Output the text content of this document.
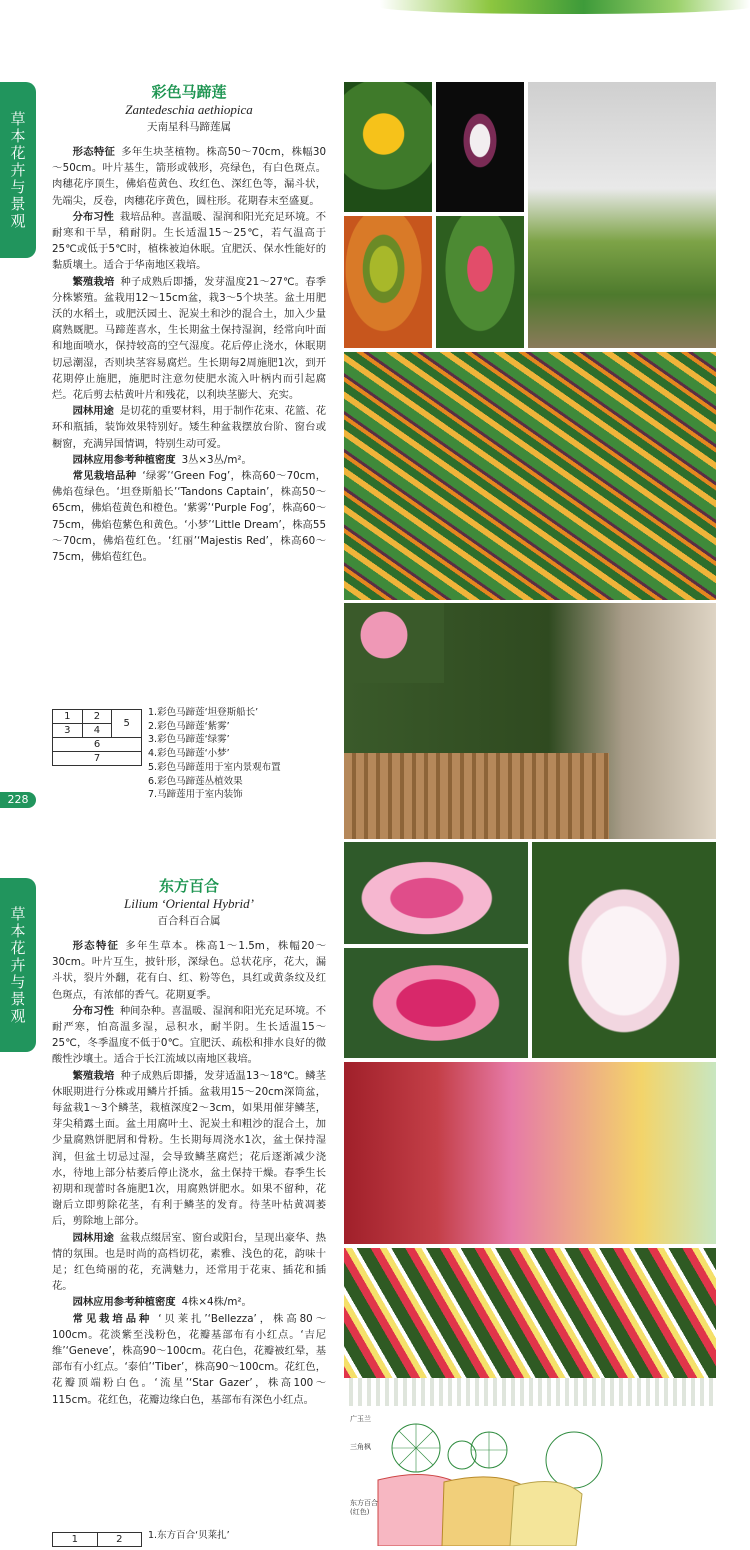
草本花卉与景观
228
草本花卉与景观
彩色马蹄莲
Zantedeschia aethiopica
天南星科马蹄莲属

形态特征 多年生块茎植物。株高50～70cm，株幅30～50cm。叶片基生，箭形或戟形，亮绿色，有白色斑点。肉穗花序顶生，佛焰苞黄色、玫红色、深红色等，漏斗状，先端尖，反卷，肉穗花序黄色，圆柱形。花期春末至盛夏。

分布习性 栽培品种。喜温暖、湿润和阳光充足环境。不耐寒和干旱，稍耐阴。生长适温15～25℃，若气温高于25℃或低于5℃时，植株被迫休眠。宜肥沃、保水性能好的黏质壤土。适合于华南地区栽培。

繁殖栽培 种子成熟后即播，发芽温度21～27℃。春季分株繁殖。盆栽用12～15cm盆，栽3～5个块茎。盆土用肥沃的水稻土，或肥沃园土、泥炭土和沙的混合土，加入少量腐熟厩肥。马蹄莲喜水，生长期盆土保持湿润，经常向叶面和地面喷水，保持较高的空气湿度。花后停止浇水，休眠期切忌潮湿，否则块茎容易腐烂。生长期每2周施肥1次，到开花期停止施肥，施肥时注意勿使肥水流入叶柄内而引起腐烂。花后剪去枯黄叶片和残花，以利块茎膨大、充实。

园林用途 是切花的重要材料，用于制作花束、花篮、花环和瓶插，装饰效果特别好。矮生种盆栽摆放台阶、窗台或橱窗，充满异国情调，特别生动可爱。

园林应用参考种植密度 3丛×3丛/m²。

常见栽培品种 ‘绿雾’‘Green Fog’，株高60～70cm，佛焰苞绿色。‘坦登斯船长’‘Tandons Captain’，株高50～65cm，佛焰苞黄色和橙色。‘紫雾’‘Purple Fog’，株高60～75cm，佛焰苞紫色和黄色。‘小梦’‘Little Dream’，株高55～70cm，佛焰苞红色。‘红丽’‘Majestis Red’，株高60～75cm，佛焰苞红色。

1	2	5
3	4	
6		
7		
1.彩色马蹄莲‘坦登斯船长’
2.彩色马蹄莲‘紫雾’
3.彩色马蹄莲‘绿雾’
4.彩色马蹄莲‘小梦’
5.彩色马蹄莲用于室内景观布置
6.彩色马蹄莲丛植效果
7.马蹄莲用于室内装饰
东方百合
Lilium ‘Oriental Hybrid’
百合科百合属

形态特征 多年生草本。株高1～1.5m，株幅20～30cm。叶片互生，披针形，深绿色。总状花序，花大，漏斗状，裂片外翻，花有白、红、粉等色，具红或黄条纹及红色斑点，有浓郁的香气。花期夏季。

分布习性 种间杂种。喜温暖、湿润和阳光充足环境。不耐严寒，怕高温多湿，忌积水，耐半阴。生长适温15～25℃，冬季温度不低于0℃。宜肥沃、疏松和排水良好的微酸性沙壤土。适合于长江流域以南地区栽培。

繁殖栽培 种子成熟后即播，发芽适温13～18℃。鳞茎休眠期进行分株或用鳞片扦插。盆栽用15～20cm深筒盆，每盆栽1～3个鳞茎，栽植深度2～3cm，如果用催芽鳞茎，芽尖稍露土面。盆土用腐叶土、泥炭土和粗沙的混合土，加少量腐熟饼肥屑和骨粉。生长期每周浇水1次，盆土保持湿润，但盆土切忌过湿，会导致鳞茎腐烂；花后逐渐减少浇水，待地上部分枯萎后停止浇水，盆土保持干燥。春季生长初期和现蕾时各施肥1次，用腐熟饼肥水。如果不留种，花谢后立即剪除花茎，有利于鳞茎的发育。待茎叶枯黄凋萎后，剪除地上部分。

园林用途 盆栽点缀居室、窗台或阳台，呈现出豪华、热情的氛围。也是时尚的高档切花，素雅、浅色的花，韵味十足；红色绮丽的花，充满魅力，还常用于花束、插花和插花。

园林应用参考种植密度 4株×4株/m²。

常见栽培品种 ‘贝莱扎’‘Bellezza’，株高80～100cm。花淡紫至浅粉色，花瓣基部布有小红点。‘吉尼维’‘Geneve’，株高90～100cm。花白色，花瓣被红晕，基部布有小红点。‘泰伯’‘Tiber’，株高90～100cm。花红色，花瓣顶端粉白色。‘流星’‘Star Gazer’，株高100～115cm。花红色，花瓣边缘白色，基部布有深色小红点。

1	2	1.东方百合‘贝莱扎’
广玉兰
三角枫
东方百合
(红色)
